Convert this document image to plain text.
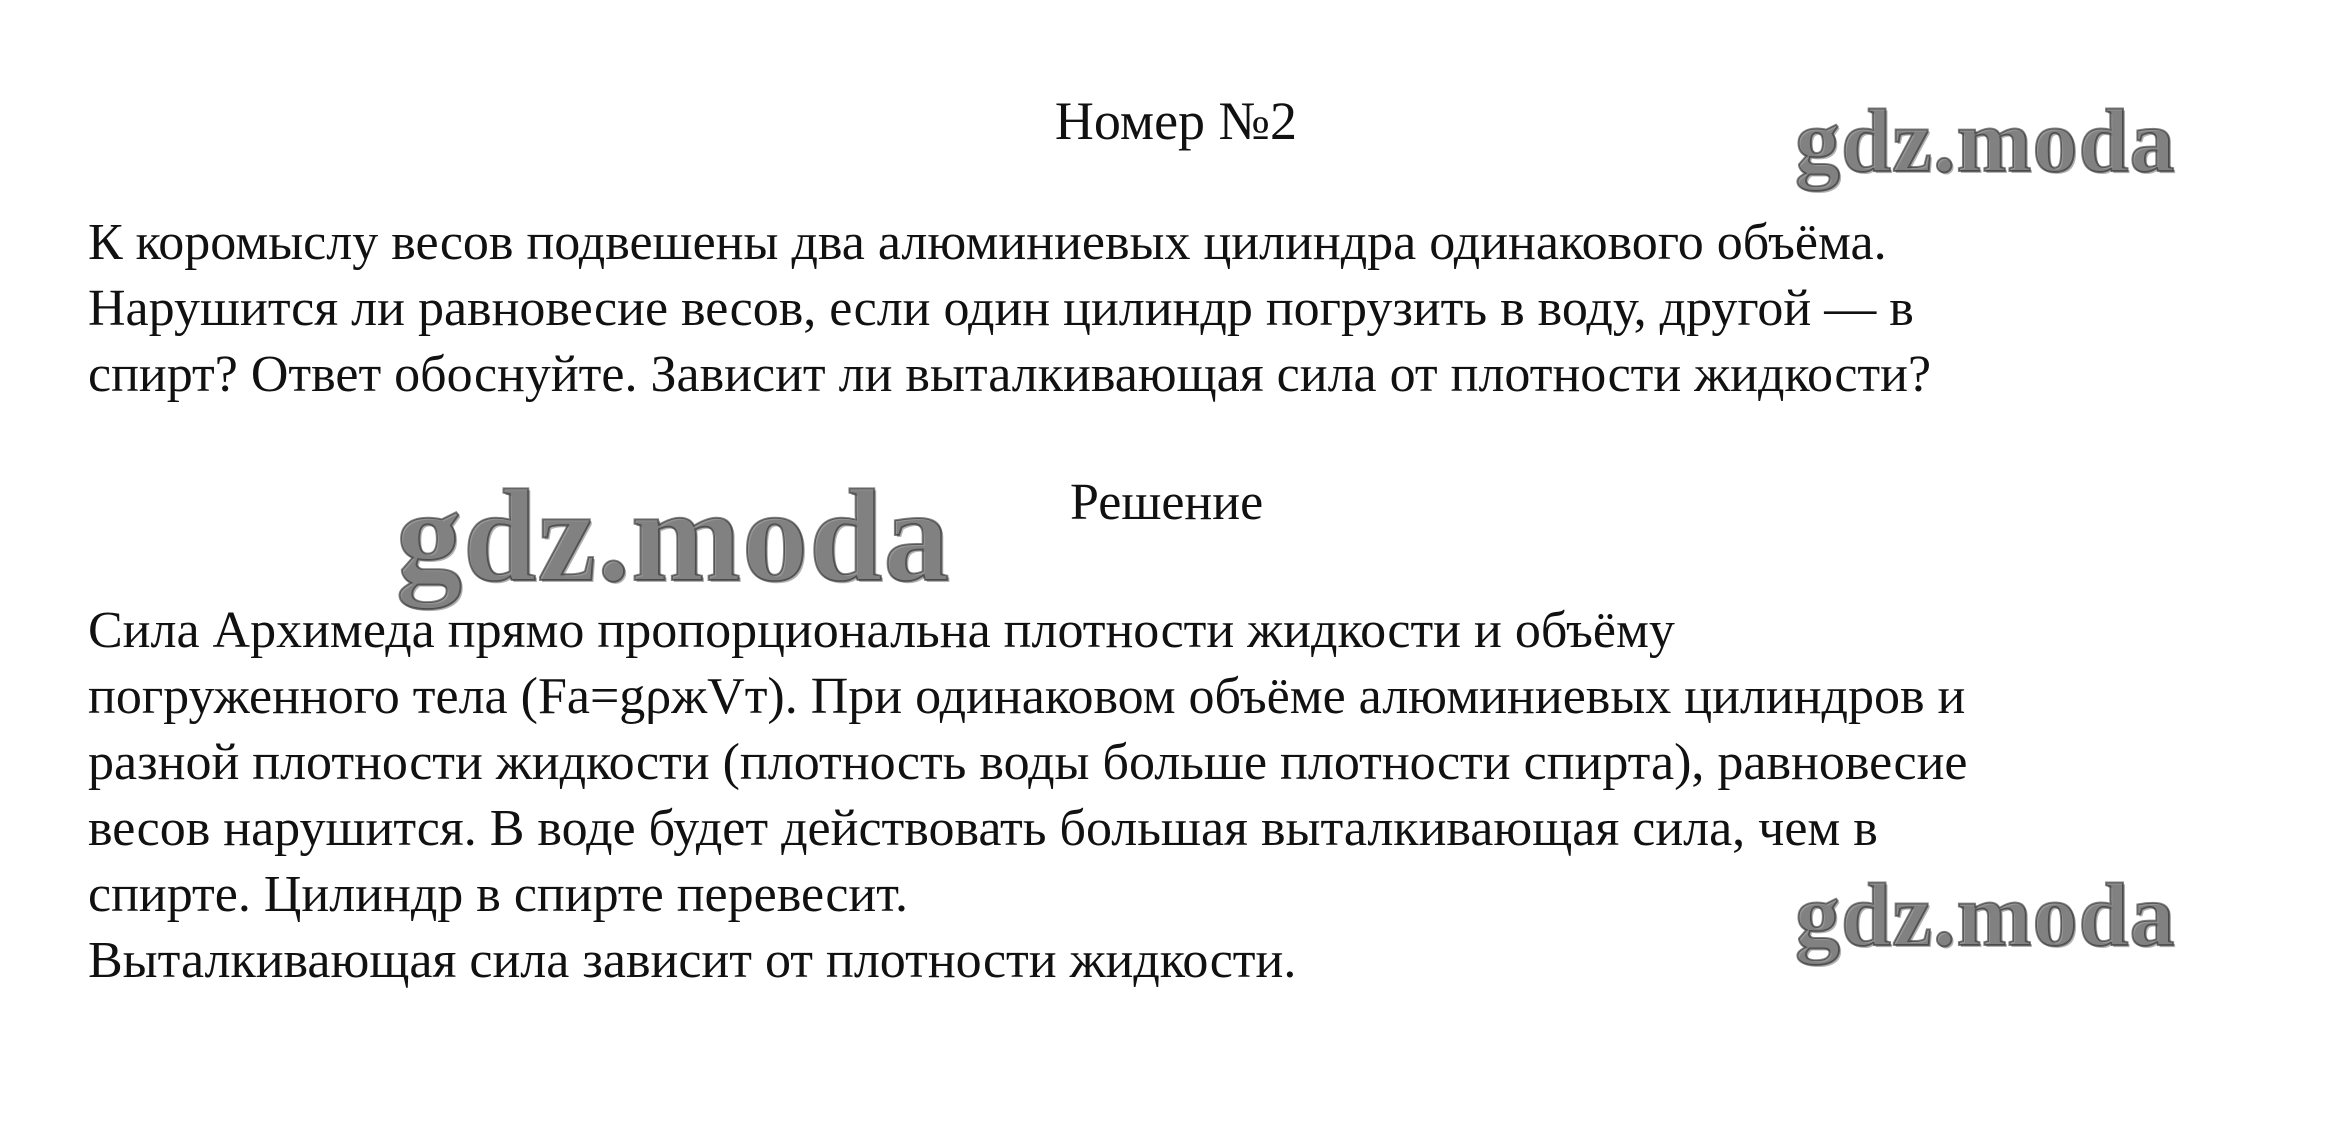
Номер №2	gdz.moda
К коромыслу весов подвешены два алюминиевых цилиндра одинакового объёма.
Нарушится ли равновесие весов, если один цилиндр погрузить в воду, другой — в
спирт? Ответ обоснуйте. Зависит ли выталкивающая сила от плотности жидкости?
gdz.moda Решение
Сила Архимеда прямо пропорциональна плотности жидкости и объёму
погруженного тела (Fa=gρжVт). При одинаковом объёме алюминиевых цилиндров и
разной плотности жидкости (плотность воды больше плотности спирта), равновесие
весов нарушится. В воде будет действовать большая выталкивающая сила, чем в
спирте. Цилиндр в спирте перевесит.
Выталкивающая сила зависит от плотности жидкости.	gdz.moda
